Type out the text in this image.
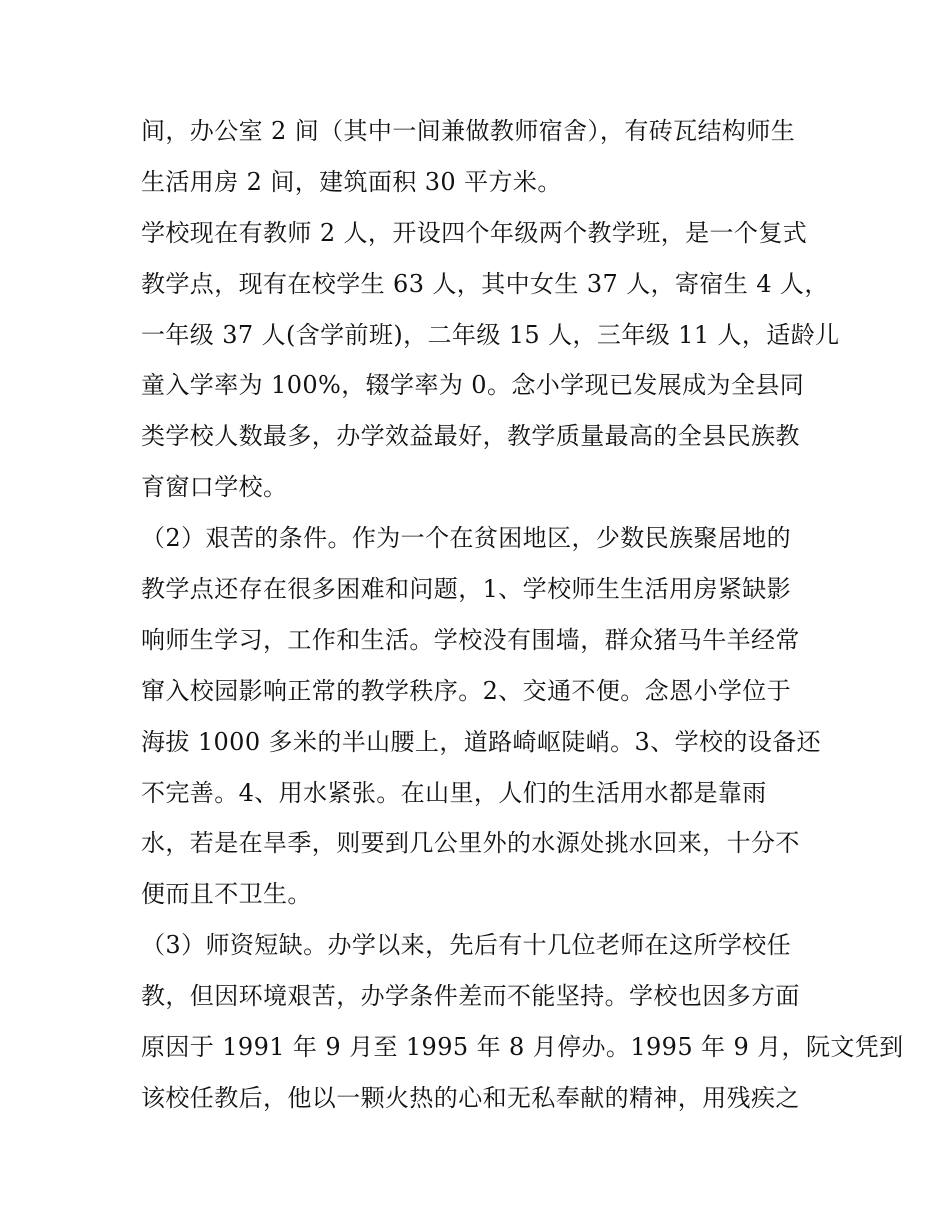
间，办公室 2 间（其中一间兼做教师宿舍），有砖瓦结构师生
生活用房 2 间，建筑面积 30 平方米。
学校现在有教师 2 人，开设四个年级两个教学班，是一个复式
教学点，现有在校学生 63 人，其中女生 37 人，寄宿生 4 人，
一年级 37 人(含学前班)，二年级 15 人，三年级 11 人，适龄儿
童入学率为 100%，辍学率为 0。念小学现已发展成为全县同
类学校人数最多，办学效益最好，教学质量最高的全县民族教
育窗口学校。
（2）艰苦的条件。作为一个在贫困地区，少数民族聚居地的
教学点还存在很多困难和问题，1、学校师生生活用房紧缺影
响师生学习，工作和生活。学校没有围墙，群众猪马牛羊经常
窜入校园影响正常的教学秩序。2、交通不便。念恩小学位于
海拔 1000 多米的半山腰上，道路崎岖陡峭。3、学校的设备还
不完善。4、用水紧张。在山里，人们的生活用水都是靠雨
水，若是在旱季，则要到几公里外的水源处挑水回来，十分不
便而且不卫生。
（3）师资短缺。办学以来，先后有十几位老师在这所学校任
教，但因环境艰苦，办学条件差而不能坚持。学校也因多方面
原因于 1991 年 9 月至 1995 年 8 月停办。1995 年 9 月，阮文凭到
该校任教后，他以一颗火热的心和无私奉献的精神，用残疾之
